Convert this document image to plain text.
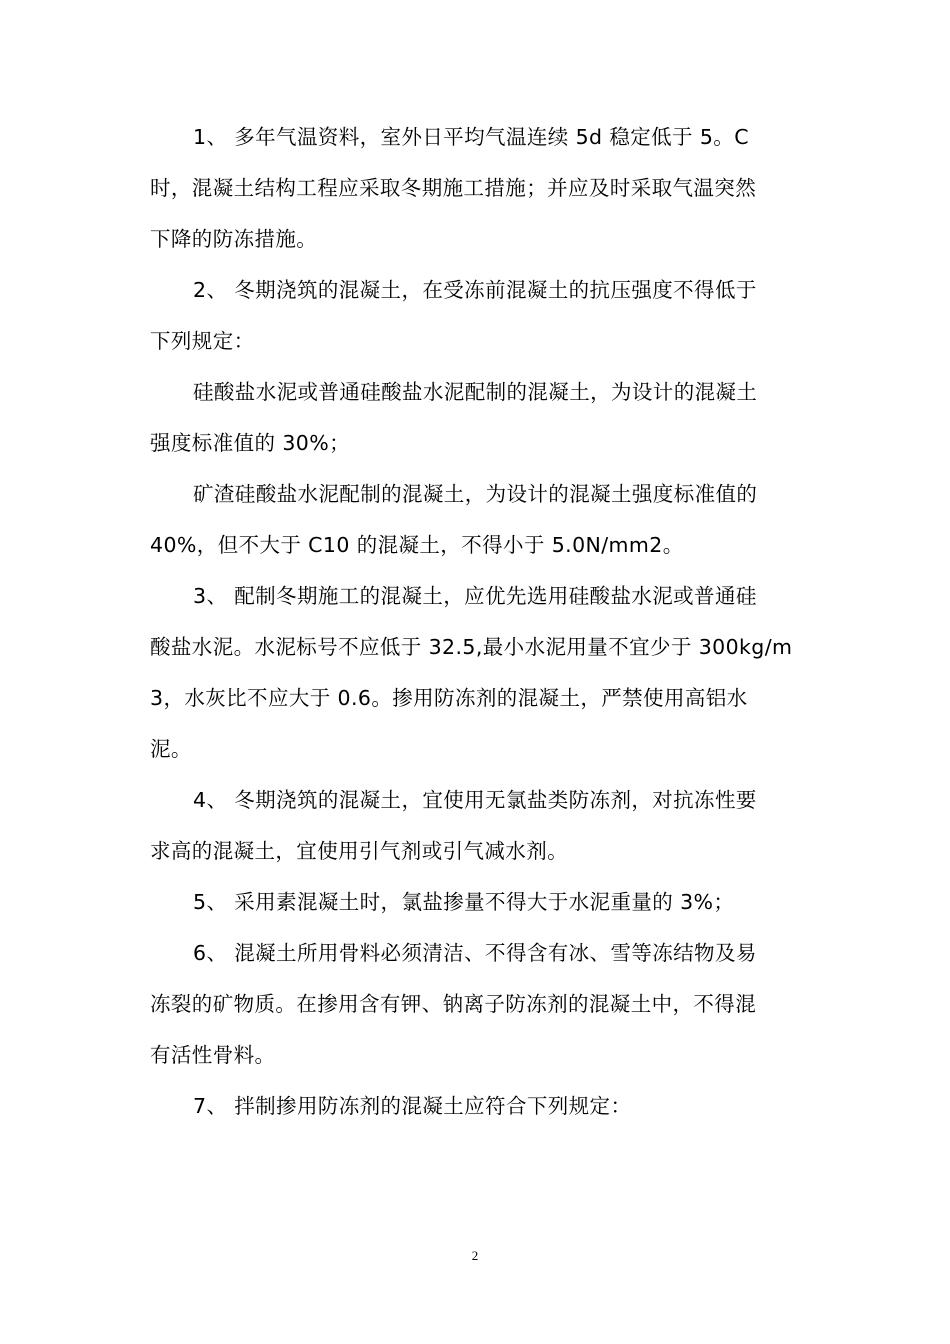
1、 多年气温资料，室外日平均气温连续 5d 稳定低于 5。C
时，混凝土结构工程应采取冬期施工措施；并应及时采取气温突然
下降的防冻措施。
2、 冬期浇筑的混凝土，在受冻前混凝土的抗压强度不得低于
下列规定：
硅酸盐水泥或普通硅酸盐水泥配制的混凝土，为设计的混凝土
强度标准值的 30%；
矿渣硅酸盐水泥配制的混凝土，为设计的混凝土强度标准值的
40%，但不大于 C10 的混凝土，不得小于 5.0N/mm2。
3、 配制冬期施工的混凝土，应优先选用硅酸盐水泥或普通硅
酸盐水泥。水泥标号不应低于 32.5,最小水泥用量不宜少于 300kg/m
3，水灰比不应大于 0.6。掺用防冻剂的混凝土，严禁使用高铝水
泥。
4、 冬期浇筑的混凝土，宜使用无氯盐类防冻剂，对抗冻性要
求高的混凝土，宜使用引气剂或引气减水剂。
5、 采用素混凝土时，氯盐掺量不得大于水泥重量的 3%；
6、 混凝土所用骨料必须清洁、不得含有冰、雪等冻结物及易
冻裂的矿物质。在掺用含有钾、钠离子防冻剂的混凝土中，不得混
有活性骨料。
7、 拌制掺用防冻剂的混凝土应符合下列规定：
2
